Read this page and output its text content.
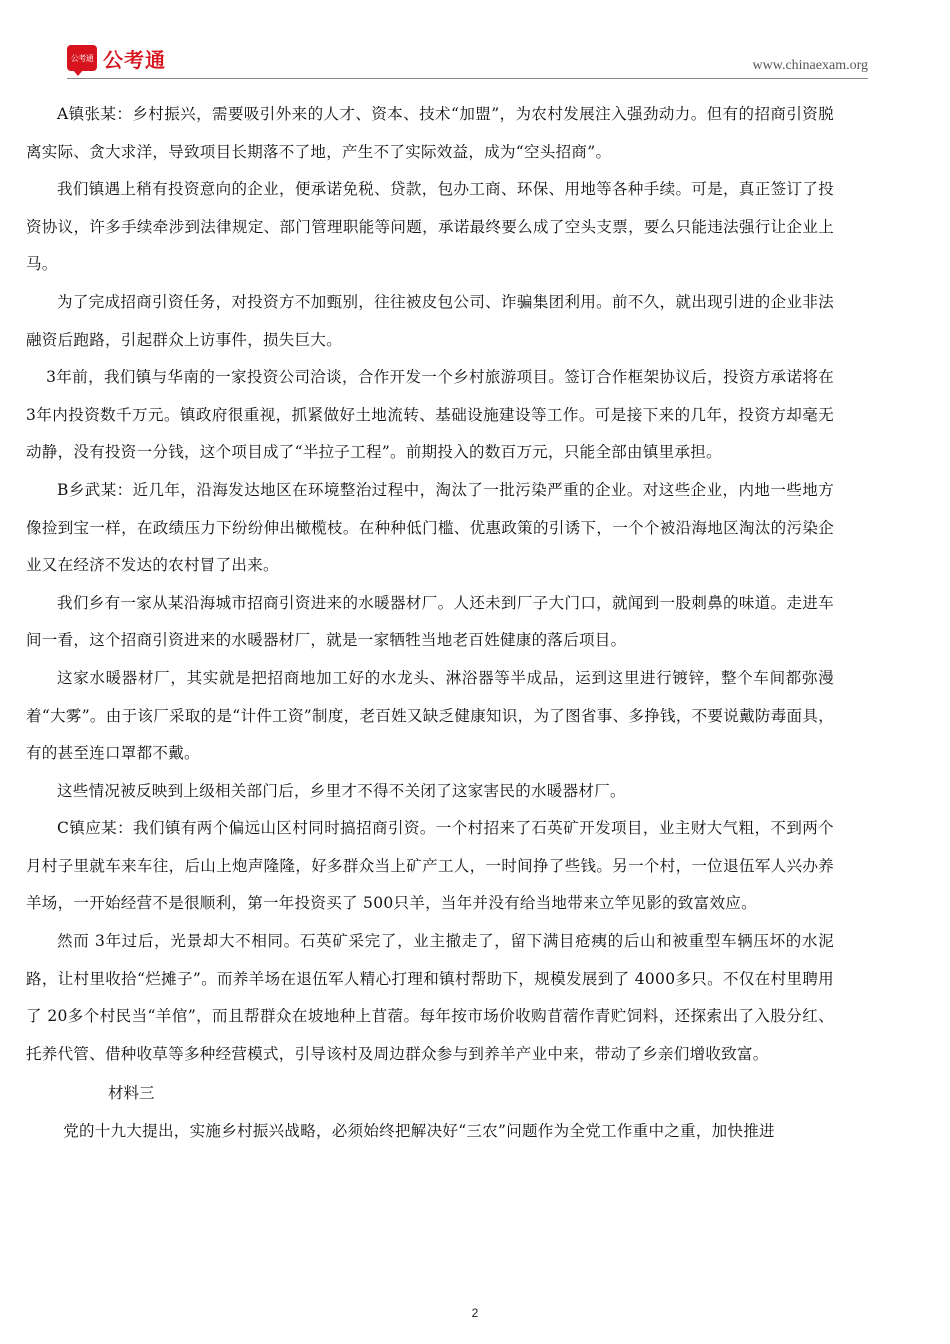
公考通 公考通	www.chinaexam.org

A镇张某：乡村振兴，需要吸引外来的人才、资本、技术“加盟”，为农村发展注入强劲动力。但有的招商引资脱离实际、贪大求洋，导致项目长期落不了地，产生不了实际效益，成为“空头招商”。

我们镇遇上稍有投资意向的企业，便承诺免税、贷款，包办工商、环保、用地等各种手续。可是，真正签订了投资协议，许多手续牵涉到法律规定、部门管理职能等问题，承诺最终要么成了空头支票，要么只能违法强行让企业上马。

为了完成招商引资任务，对投资方不加甄别，往往被皮包公司、诈骗集团利用。前不久，就出现引进的企业非法融资后跑路，引起群众上访事件，损失巨大。

3年前，我们镇与华南的一家投资公司洽谈，合作开发一个乡村旅游项目。签订合作框架协议后，投资方承诺将在 3年内投资数千万元。镇政府很重视，抓紧做好土地流转、基础设施建设等工作。可是接下来的几年，投资方却毫无动静，没有投资一分钱，这个项目成了“半拉子工程”。前期投入的数百万元，只能全部由镇里承担。

B乡武某：近几年，沿海发达地区在环境整治过程中，淘汰了一批污染严重的企业。对这些企业，内地一些地方像捡到宝一样，在政绩压力下纷纷伸出橄榄枝。在种种低门槛、优惠政策的引诱下，一个个被沿海地区淘汰的污染企业又在经济不发达的农村冒了出来。

我们乡有一家从某沿海城市招商引资进来的水暖器材厂。人还未到厂子大门口，就闻到一股刺鼻的味道。走进车间一看，这个招商引资进来的水暖器材厂，就是一家牺牲当地老百姓健康的落后项目。

这家水暖器材厂，其实就是把招商地加工好的水龙头、淋浴器等半成品，运到这里进行镀锌，整个车间都弥漫着“大雾”。由于该厂采取的是“计件工资”制度，老百姓又缺乏健康知识，为了图省事、多挣钱，不要说戴防毒面具，有的甚至连口罩都不戴。

这些情况被反映到上级相关部门后，乡里才不得不关闭了这家害民的水暖器材厂。

C镇应某：我们镇有两个偏远山区村同时搞招商引资。一个村招来了石英矿开发项目，业主财大气粗，不到两个月村子里就车来车往，后山上炮声隆隆，好多群众当上矿产工人，一时间挣了些钱。另一个村，一位退伍军人兴办养羊场，一开始经营不是很顺利，第一年投资买了 500只羊，当年并没有给当地带来立竿见影的致富效应。

然而 3年过后，光景却大不相同。石英矿采完了，业主撤走了，留下满目疮痍的后山和被重型车辆压坏的水泥路，让村里收拾“烂摊子”。而养羊场在退伍军人精心打理和镇村帮助下，规模发展到了 4000多只。不仅在村里聘用了 20多个村民当“羊倌”，而且帮群众在坡地种上苜蓿。每年按市场价收购苜蓿作青贮饲料，还探索出了入股分红、托养代管、借种收草等多种经营模式，引导该村及周边群众参与到养羊产业中来，带动了乡亲们增收致富。

材料三

党的十九大提出，实施乡村振兴战略，必须始终把解决好“三农”问题作为全党工作重中之重，加快推进

2
